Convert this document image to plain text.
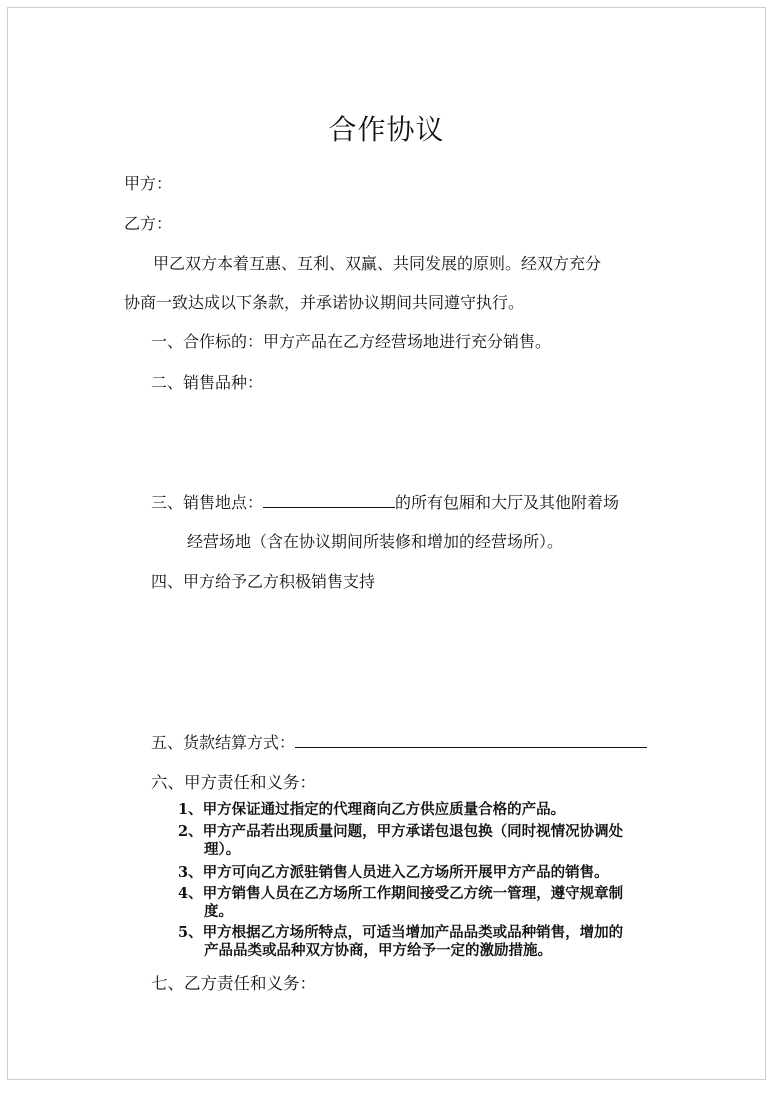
合作协议
甲方：
乙方：
甲乙双方本着互惠、互利、双赢、共同发展的原则。经双方充分
协商一致达成以下条款，并承诺协议期间共同遵守执行。
一、合作标的：甲方产品在乙方经营场地进行充分销售。
二、销售品种：
三、销售地点：	的所有包厢和大厅及其他附着场
经营场地（含在协议期间所装修和增加的经营场所）。
四、甲方给予乙方积极销售支持
五、货款结算方式：
六、甲方责任和义务：
1、甲方保证通过指定的代理商向乙方供应质量合格的产品。
2、甲方产品若出现质量问题，甲方承诺包退包换（同时视情况协调处
理）。
3、甲方可向乙方派驻销售人员进入乙方场所开展甲方产品的销售。
4、甲方销售人员在乙方场所工作期间接受乙方统一管理，遵守规章制
度。
5、甲方根据乙方场所特点，可适当增加产品品类或品种销售，增加的
产品品类或品种双方协商，甲方给予一定的激励措施。
七、乙方责任和义务：
